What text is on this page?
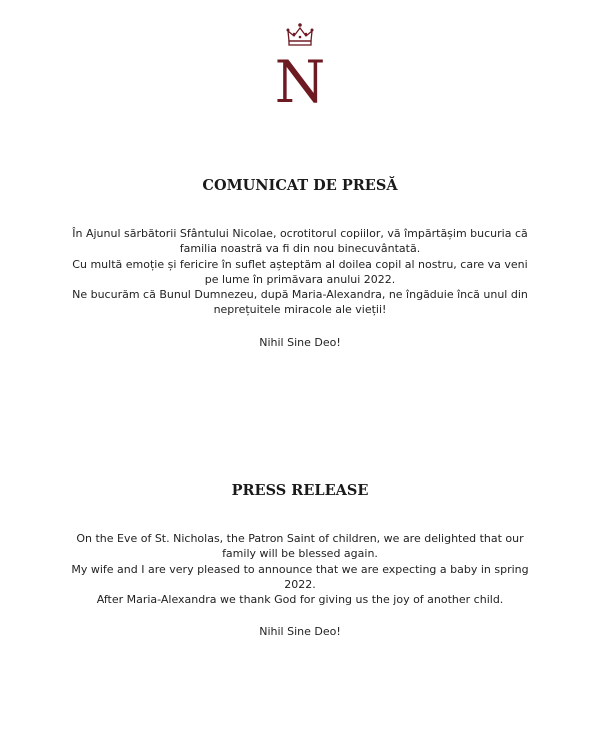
N
COMUNICAT DE PRESĂ

În Ajunul sărbătorii Sfântului Nicolae, ocrotitorul copiilor, vă împărtășim bucuria că familia noastră va fi din nou binecuvântată.

Cu multă emoție și fericire în suflet așteptăm al doilea copil al nostru, care va veni pe lume în primăvara anului 2022.

Ne bucurăm că Bunul Dumnezeu, după Maria-Alexandra, ne îngăduie încă unul din neprețuitele miracole ale vieții!

Nihil Sine Deo!

PRESS RELEASE

On the Eve of St. Nicholas, the Patron Saint of children, we are delighted that our family will be blessed again.

My wife and I are very pleased to announce that we are expecting a baby in spring 2022.

After Maria-Alexandra we thank God for giving us the joy of another child.

Nihil Sine Deo!
